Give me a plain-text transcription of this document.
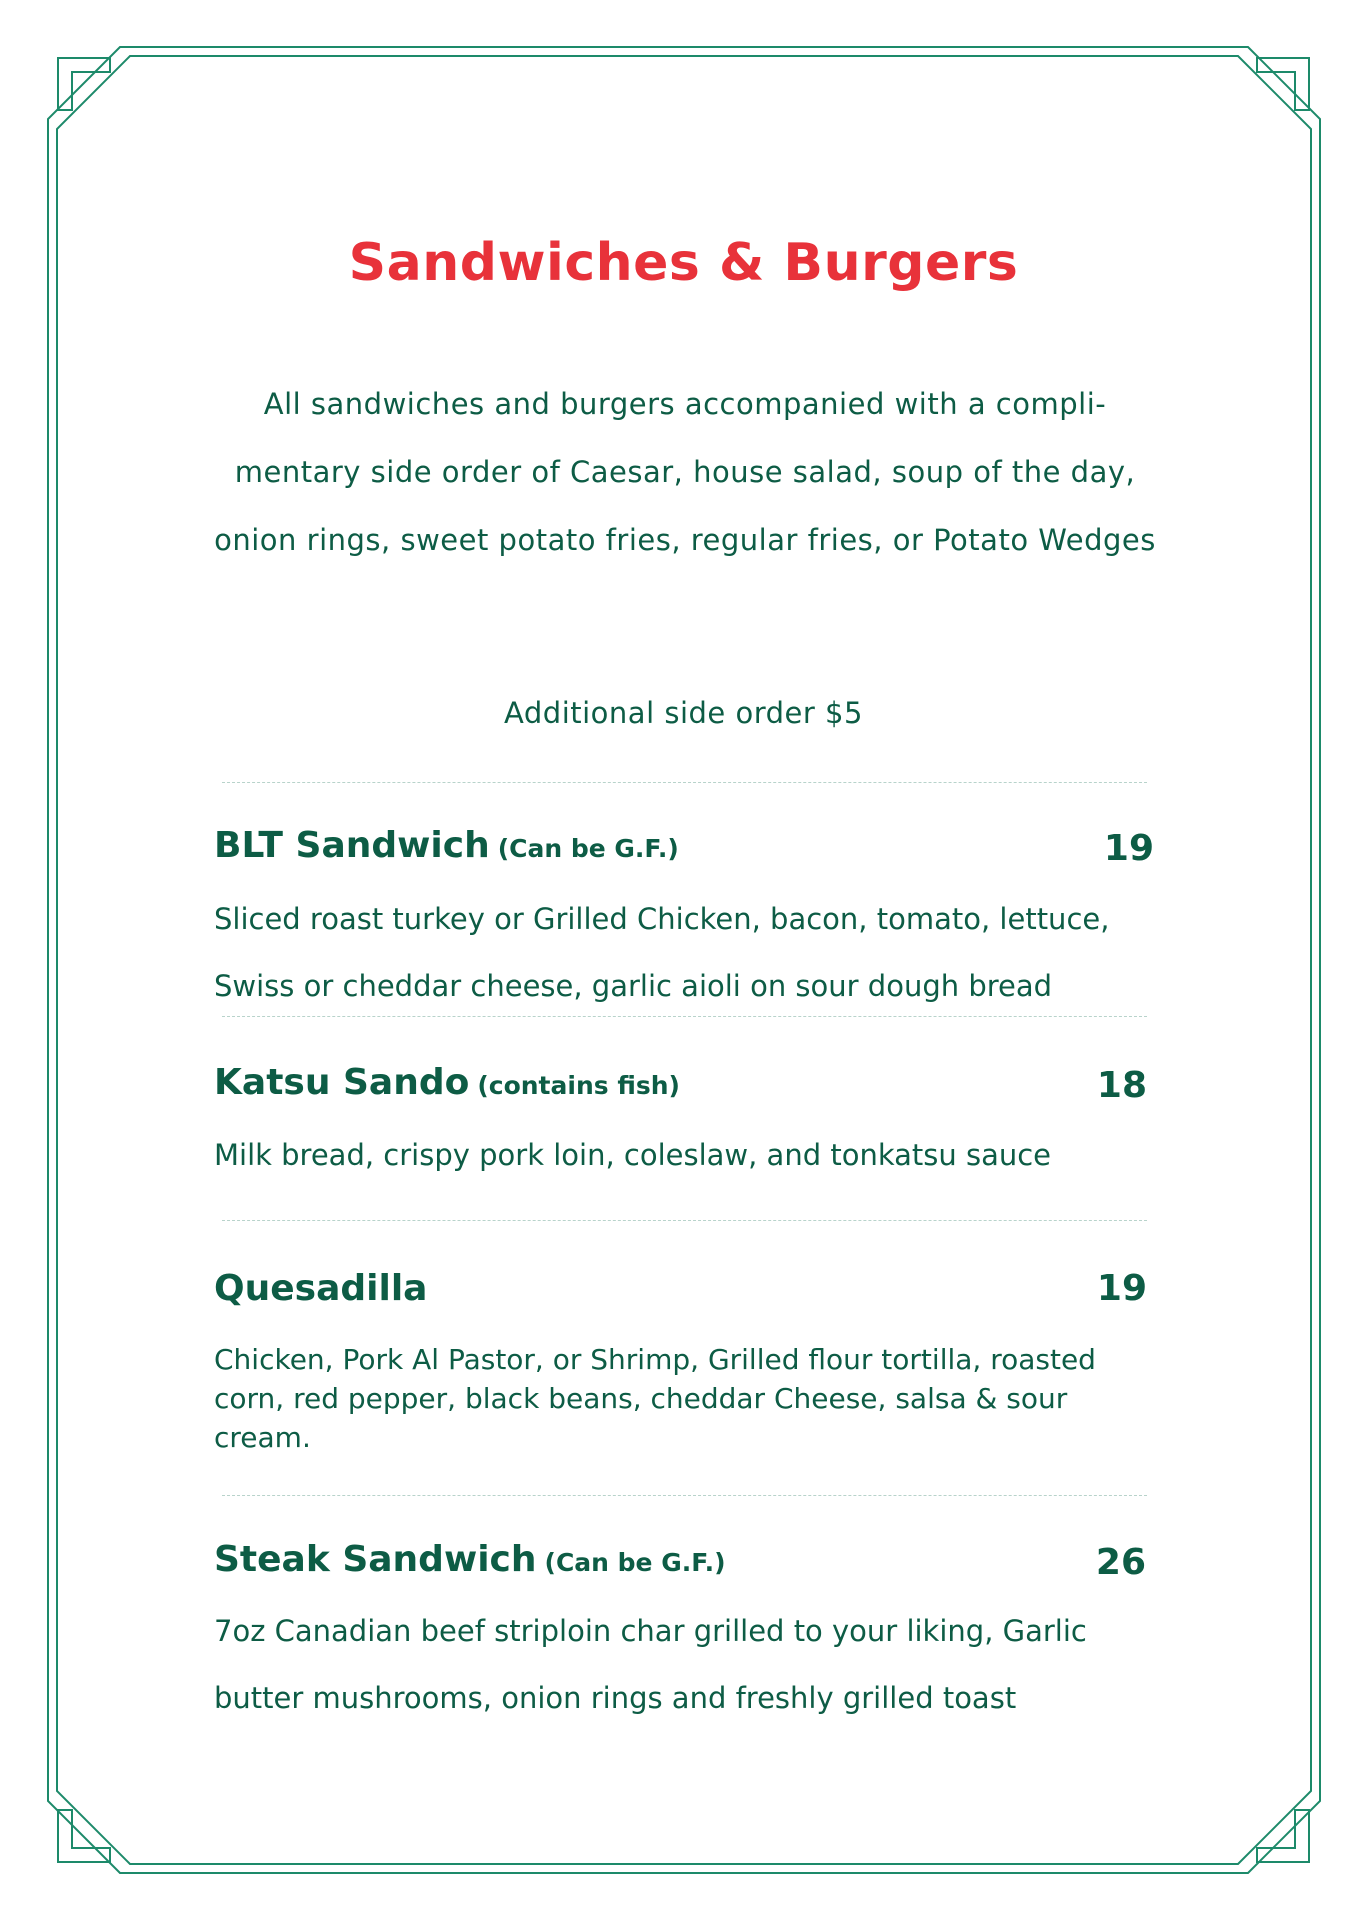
Sandwiches & Burgers
All sandwiches and burgers accompanied with a compli-mentary side order of Caesar, house salad, soup of the day, onion rings, sweet potato fries, regular fries, or Potato Wedges
Additional side order $5
BLT Sandwich (Can be G.F.)	19
Sliced roast turkey or Grilled Chicken, bacon, tomato, lettuce, Swiss or cheddar cheese, garlic aioli on sour dough bread
Katsu Sando (contains fish)	18
Milk bread, crispy pork loin, coleslaw, and tonkatsu sauce
Quesadilla	19
Chicken, Pork Al Pastor, or Shrimp, Grilled flour tortilla, roasted corn, red pepper, black beans, cheddar Cheese, salsa & sour cream.
Steak Sandwich (Can be G.F.)	26
7oz Canadian beef striploin char grilled to your liking, Garlic butter mushrooms, onion rings and freshly grilled toast
